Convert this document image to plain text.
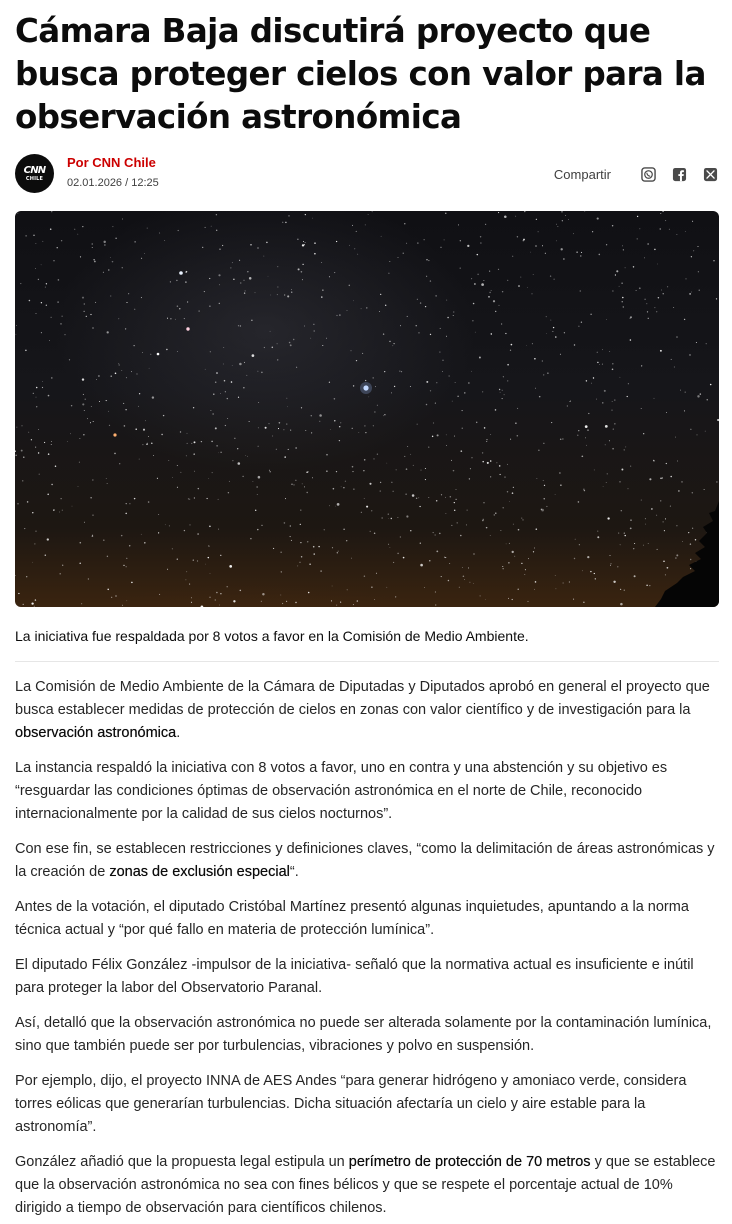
Cámara Baja discutirá proyecto que busca proteger cielos con valor para la observación astronómica
CNN
CHILE
Por CNN Chile
02.01.2026 / 12:25
Compartir

La iniciativa fue respaldada por 8 votos a favor en la Comisión de Medio Ambiente.

La Comisión de Medio Ambiente de la Cámara de Diputadas y Diputados aprobó en general el proyecto que busca establecer medidas de protección de cielos en zonas con valor científico y de investigación para la observación astronómica.

La instancia respaldó la iniciativa con 8 votos a favor, uno en contra y una abstención y su objetivo es “resguardar las condiciones óptimas de observación astronómica en el norte de Chile, reconocido internacionalmente por la calidad de sus cielos nocturnos”.

Con ese fin, se establecen restricciones y definiciones claves, “como la delimitación de áreas astronómicas y la creación de zonas de exclusión especial“.

Antes de la votación, el diputado Cristóbal Martínez presentó algunas inquietudes, apuntando a la norma técnica actual y “por qué fallo en materia de protección lumínica”.

El diputado Félix González -impulsor de la iniciativa- señaló que la normativa actual es insuficiente e inútil para proteger la labor del Observatorio Paranal.

Así, detalló que la observación astronómica no puede ser alterada solamente por la contaminación lumínica, sino que también puede ser por turbulencias, vibraciones y polvo en suspensión.

Por ejemplo, dijo, el proyecto INNA de AES Andes “para generar hidrógeno y amoniaco verde, considera torres eólicas que generarían turbulencias. Dicha situación afectaría un cielo y aire estable para la astronomía”.

González añadió que la propuesta legal estipula un perímetro de protección de 70 metros y que se establece que la observación astronómica no sea con fines bélicos y que se respete el porcentaje actual de 10% dirigido a tiempo de observación para científicos chilenos.
